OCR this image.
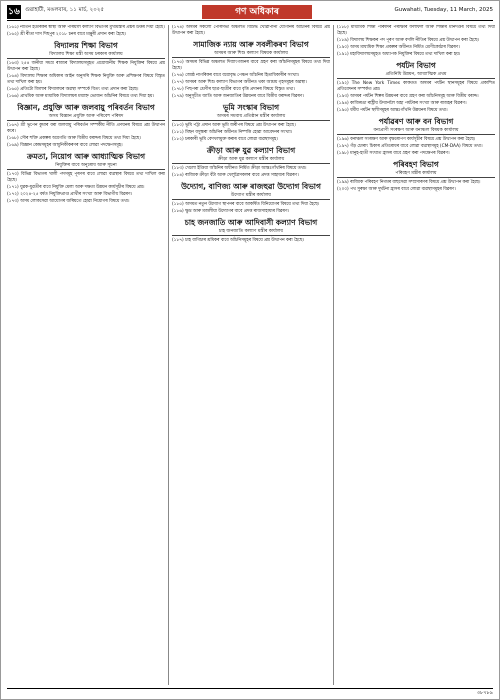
১৬ গুৱাহাটী, মঙলবাৰ, ১১ মাৰ্চ, ২০২৫	গণ অধিকাৰ	Guwahati, Tuesday, 11 March, 2025

(১৬১) নীতিন ইউৰিকৰ স্বাস্থ্য আৰু পৰিয়াল কল্যাণ বিভাগৰ মুখ্যমন্ত্ৰীৰ প্ৰশ্নৰ উত্তৰ দিয়া হৈছে।

(১৬২) শ্ৰী ৰীতা দাস দিছপুৰ ২০১৮ চনৰ বাবে মঞ্জুৰী প্ৰদান কৰা হৈছে।

বিদ্যালয় শিক্ষা বিভাগ
বিদ্যালয় শিক্ষা মন্ত্ৰী অসম চৰকাৰ কাৰ্যালয়

(১৬৩) ২৫৪ জনীয়া সমগ্ৰ ৰাজ্যৰ বিদ্যালয়সমূহত প্ৰয়োজনীয় শিক্ষক নিযুক্তিৰ বিষয়ে প্ৰশ্ন উত্থাপন কৰা হৈছে।

(১৬৪) বিদ্যালয় শিক্ষাৰ অধিকাৰ আইন অনুসৰি শিক্ষক নিযুক্তি আৰু প্ৰশিক্ষণৰ বিষয়ে বিস্তৃত তথ্য দাখিল কৰা হয়।

(১৬৫) প্ৰতিটো জিলাৰ বিদ্যালয়ৰ অৱস্থা সম্পৰ্কে বিতং তথ্য প্ৰদান কৰা হৈছে।

(১৬৬) প্ৰাথমিক আৰু মাধ্যমিক বিদ্যালয়ৰ মধ্যাহ্ন ভোজন আঁচনিৰ বিষয়ে তথ্য দিয়া হয়।

বিজ্ঞান, প্ৰযুক্তি আৰু জলবায়ু পৰিবৰ্তন বিভাগ
অসম বিজ্ঞান প্ৰযুক্তি আৰু পৰিবেশ পৰিষদ

(১৬৭) শ্ৰী ভূপেন কুমাৰ বৰা জলবায়ু পৰিবৰ্তন সম্পৰ্কীয় নীতি প্ৰণয়নৰ বিষয়ে প্ৰশ্ন উত্থাপন কৰে।

(১৬৮) সৌৰ শক্তি প্ৰকল্পৰ অগ্ৰগতি আৰু বিত্তীয় বৰাদ্দৰ বিষয়ে তথ্য দিয়া হৈছে।

(১৬৯) বিজ্ঞান কেন্দ্ৰসমূহৰ আধুনিকীকৰণৰ বাবে লোৱা পদক্ষেপসমূহ।

ক্ৰমতা, নিয়োগ আৰু আধ্যাত্মিক বিভাগ
নিযুক্তিৰ বাবে অনুৰোধ আৰু সূচনা

(১৭০) বিভিন্ন বিভাগৰ খালী পদসমূহ পূৰণৰ বাবে লোৱা ব্যৱস্থাৰ বিষয়ে তথ্য দাখিল কৰা হৈছে।

(১৭১) যুৱক-যুৱতীৰ বাবে নিযুক্তি মেলা আৰু দক্ষতা উন্নয়ন কাৰ্যসূচীৰ বিষয়ে প্ৰশ্ন।

(১৭২) ২০২৪-২৫ বৰ্ষত নিযুক্তিপ্ৰাপ্ত প্ৰাৰ্থীৰ সংখ্যা আৰু বিভাগীয় বিৱৰণ।

(১৭৩) অসম লোকসেৱা আয়োগৰ জৰিয়তে হোৱা নিয়োগৰ বিষয়ে তথ্য।

(১৭৪) অসমৰ সকলো পৌৰসভা অঞ্চলত বিশুদ্ধ খোৱাপানী যোগানৰ আঁচনিৰ বিষয়ে প্ৰশ্ন উত্থাপন কৰা হৈছে।

সামাজিক ন্যায় আৰু সবলীকৰণ বিভাগ
অসমৰ আৰু শিশু কল্যাণ বিষয়ক কাৰ্যালয়

(১৭৫) অসমৰ বিভিন্ন অঞ্চলত দিব্যাংগজনৰ বাবে গ্ৰহণ কৰা আঁচনিসমূহৰ বিষয়ে তথ্য দিয়া হৈছে।

(১৭৬) জ্যেষ্ঠ নাগৰিকৰ বাবে বয়োবৃদ্ধ পেঞ্চন আঁচনিৰ হিতাধিকাৰীৰ সংখ্যা।

(১৭৭) অসমৰ আৰু শিশু কল্যাণ বিভাগৰ অধীনত থকা আশ্ৰয় গৃহসমূহৰ অৱস্থা।

(১৭৮) পিছপৰা শ্ৰেণীৰ ছাত্ৰ-ছাত্ৰীৰ বাবে বৃত্তি প্ৰদানৰ বিষয়ে বিস্তৃত তথ্য।

(১৭৯) অনুসূচীত জাতি আৰু জনজাতিৰ উন্নয়নৰ বাবে বিত্তীয় বৰাদ্দৰ বিৱৰণ।

ভূমি সংস্কাৰ বিভাগ
অসমৰ সমবায় প্ৰতিষ্ঠান মন্ত্ৰীৰ কাৰ্যালয়

(১৮০) ভূমি পট্টা প্ৰদান আৰু ভূমি জৰীপৰ বিষয়ে প্ৰশ্ন উত্থাপন কৰা হৈছে।

(১৮১) মিছন বসুন্ধৰা আঁচনিৰ অধীনত নিষ্পত্তি হোৱা আবেদনৰ সংখ্যা।

(১৮২) চৰকাৰী ভূমি বেদখলমুক্ত কৰাৰ বাবে লোৱা ব্যৱস্থাসমূহ।

ক্ৰীড়া আৰু যুৱ কল্যাণ বিভাগ
ক্ৰীড়া আৰু যুৱ কল্যাণ মন্ত্ৰীৰ কাৰ্যালয়

(১৮৩) খেলো ইণ্ডিয়া আঁচনিৰ অধীনত নিৰ্মিত ক্ৰীড়া আন্তঃগাঁথনিৰ বিষয়ে তথ্য।

(১৮৪) ৰাজ্যিক ক্ৰীড়া বঁটা আৰু খেলুৱৈসকলৰ বাবে প্ৰদত্ত সাহায্যৰ বিৱৰণ।

উদ্যোগ, বাণিজ্য আৰু ৰাজহুৱা উদ্যোগ বিভাগ
উদ্যোগ মন্ত্ৰীৰ কাৰ্যালয়

(১৮৫) অসমত নতুন উদ্যোগ স্থাপনৰ বাবে আকৰ্ষিত বিনিয়োগৰ বিষয়ে তথ্য দিয়া হৈছে।

(১৮৬) ক্ষুদ্ৰ আৰু মজলীয়া উদ্যোগৰ বাবে প্ৰদত্ত ৰাজসাহায্যৰ বিৱৰণ।

চাহ জনজাতি আৰু আদিবাসী কল্যাণ বিভাগ
চাহ জনজাতি কল্যাণ মন্ত্ৰীৰ কাৰ্যালয়

(১৮৭) চাহ বাগিচাৰ শ্ৰমিকৰ বাবে আঁচনিসমূহৰ বিষয়ে প্ৰশ্ন উত্থাপন কৰা হৈছে।

(১৮৮) মাধ্যমিক শিক্ষা পৰিষদৰ পৰীক্ষাৰ ফলাফল আৰু শিক্ষাৰ মানদণ্ডৰ বিষয়ে তথ্য দিয়া হৈছে।

(১৮৯) বিদ্যালয় শিক্ষকৰ পদ পূৰণ আৰু বদলি নীতিৰ বিষয়ে প্ৰশ্ন উত্থাপন কৰা হৈছে।

(১৯০) অসম মাধ্যমিক শিক্ষা প্ৰকল্পৰ অধীনত নিৰ্মিত শ্ৰেণীকোঠাৰ বিৱৰণ।

(১৯১) মহাবিদ্যালয়সমূহত অধ্যাপক নিযুক্তিৰ বিষয়ে তথ্য দাখিল কৰা হয়।

পৰ্যটন বিভাগ
প্ৰতিনিধি উন্নয়ন, আধ্যাত্মিক প্ৰথম

(১৯২) The New York Times কাকতত অসমৰ পৰ্যটন স্থানসমূহৰ বিষয়ে প্ৰকাশিত প্ৰতিবেদনৰ সম্পৰ্কত প্ৰশ্ন।

(১৯৩) অসমৰ পৰ্যটন শিল্পৰ উন্নয়নৰ বাবে গ্ৰহণ কৰা আঁচনিসমূহ আৰু বিত্তীয় বৰাদ্দ।

(১৯৪) কাজিৰঙা ৰাষ্ট্ৰীয় উদ্যানলৈ অহা পৰ্যটকৰ সংখ্যা আৰু ৰাজহৰ বিৱৰণ।

(১৯৫) ধৰ্মীয় পৰ্যটন স্থলীসমূহৰ আন্তঃগাঁথনি উন্নয়নৰ বিষয়ে তথ্য।

পৰ্যাৱৰণ আৰু বন বিভাগ
বন্যপ্ৰাণী সংৰক্ষণ আৰু বনাঞ্চল বিষয়ক কাৰ্যালয়

(১৯৬) বনাঞ্চল সংৰক্ষণ আৰু বৃক্ষৰোপণ কাৰ্যসূচীৰ বিষয়ে প্ৰশ্ন উত্থাপন কৰা হৈছে।

(১৯৭) গঁড় চোৰাং চিকাৰ প্ৰতিৰোধৰ বাবে লোৱা ব্যৱস্থাসমূহ (CM-DAA) বিষয়ে তথ্য।

(১৯৮) মানুহ-হাতী সংঘাত হ্ৰাসৰ বাবে গ্ৰহণ কৰা পদক্ষেপৰ বিৱৰণ।

পৰিবহণ বিভাগ
পৰিবহণ মন্ত্ৰীৰ কাৰ্যালয়

(১৯৯) ৰাজ্যিক পৰিবহণ নিগমৰ বাছসেৱা সম্প্ৰসাৰণৰ বিষয়ে প্ৰশ্ন উত্থাপন কৰা হৈছে।

(২০০) পথ সুৰক্ষা আৰু দুৰ্ঘটনা হ্ৰাসৰ বাবে লোৱা ব্যৱস্থাসমূহৰ বিৱৰণ।

৩৮৭৮৯
